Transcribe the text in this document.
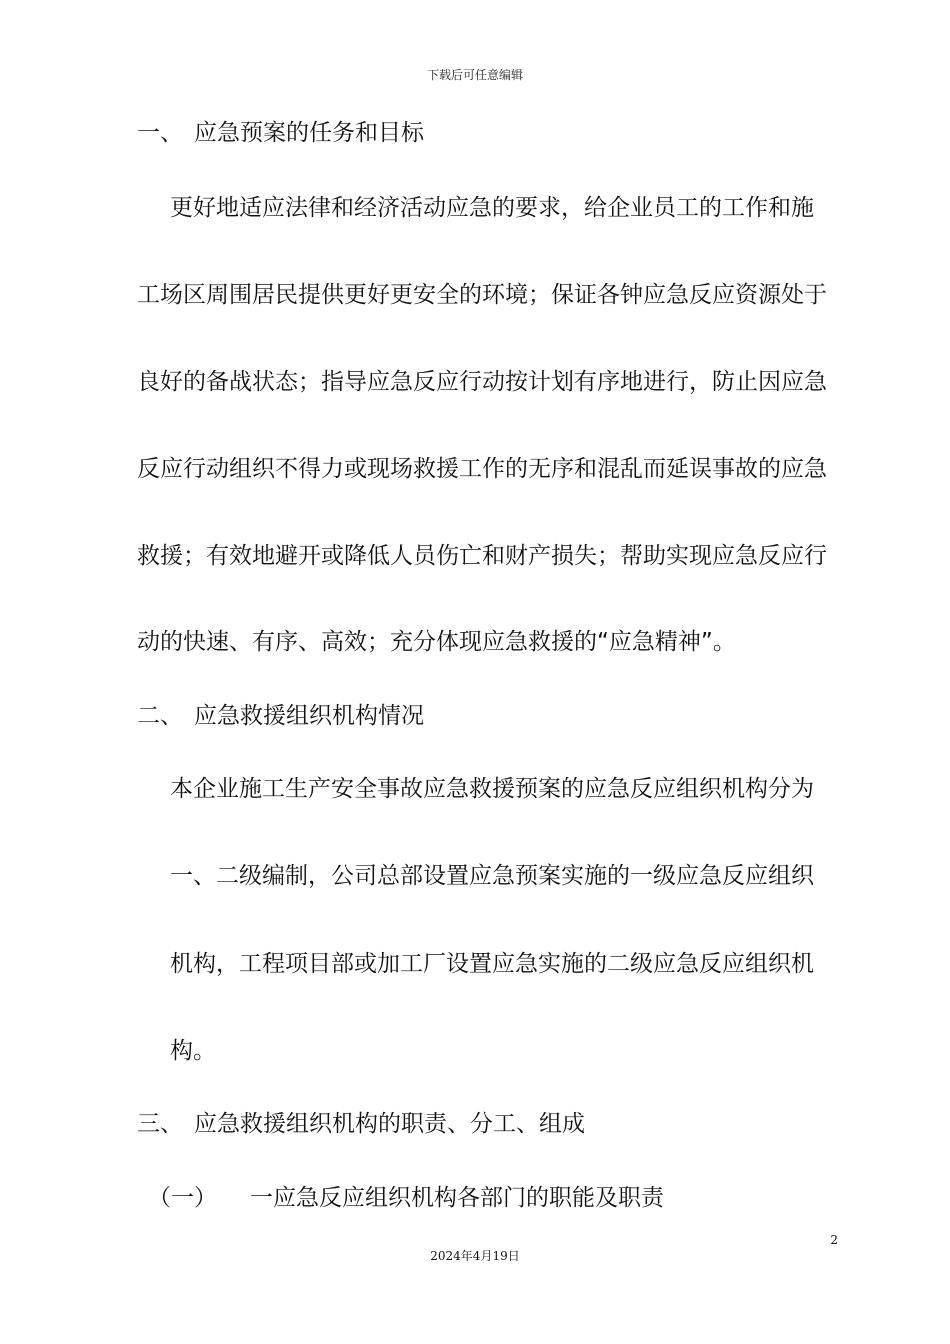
下载后可任意编辑

一、 应急预案的任务和目标

更好地适应法律和经济活动应急的要求，给企业员工的工作和施

工场区周围居民提供更好更安全的环境；保证各钟应急反应资源处于

良好的备战状态；指导应急反应行动按计划有序地进行，防止因应急

反应行动组织不得力或现场救援工作的无序和混乱而延误事故的应急

救援；有效地避开或降低人员伤亡和财产损失；帮助实现应急反应行

动的快速、有序、高效；充分体现应急救援的“应急精神”。

二、 应急救援组织机构情况

本企业施工生产安全事故应急救援预案的应急反应组织机构分为

一、二级编制，公司总部设置应急预案实施的一级应急反应组织

机构，工程项目部或加工厂设置应急实施的二级应急反应组织机

构。

三、 应急救援组织机构的职责、分工、组成
（一） 一应急反应组织机构各部门的职能及职责

2

2024年4月19日
